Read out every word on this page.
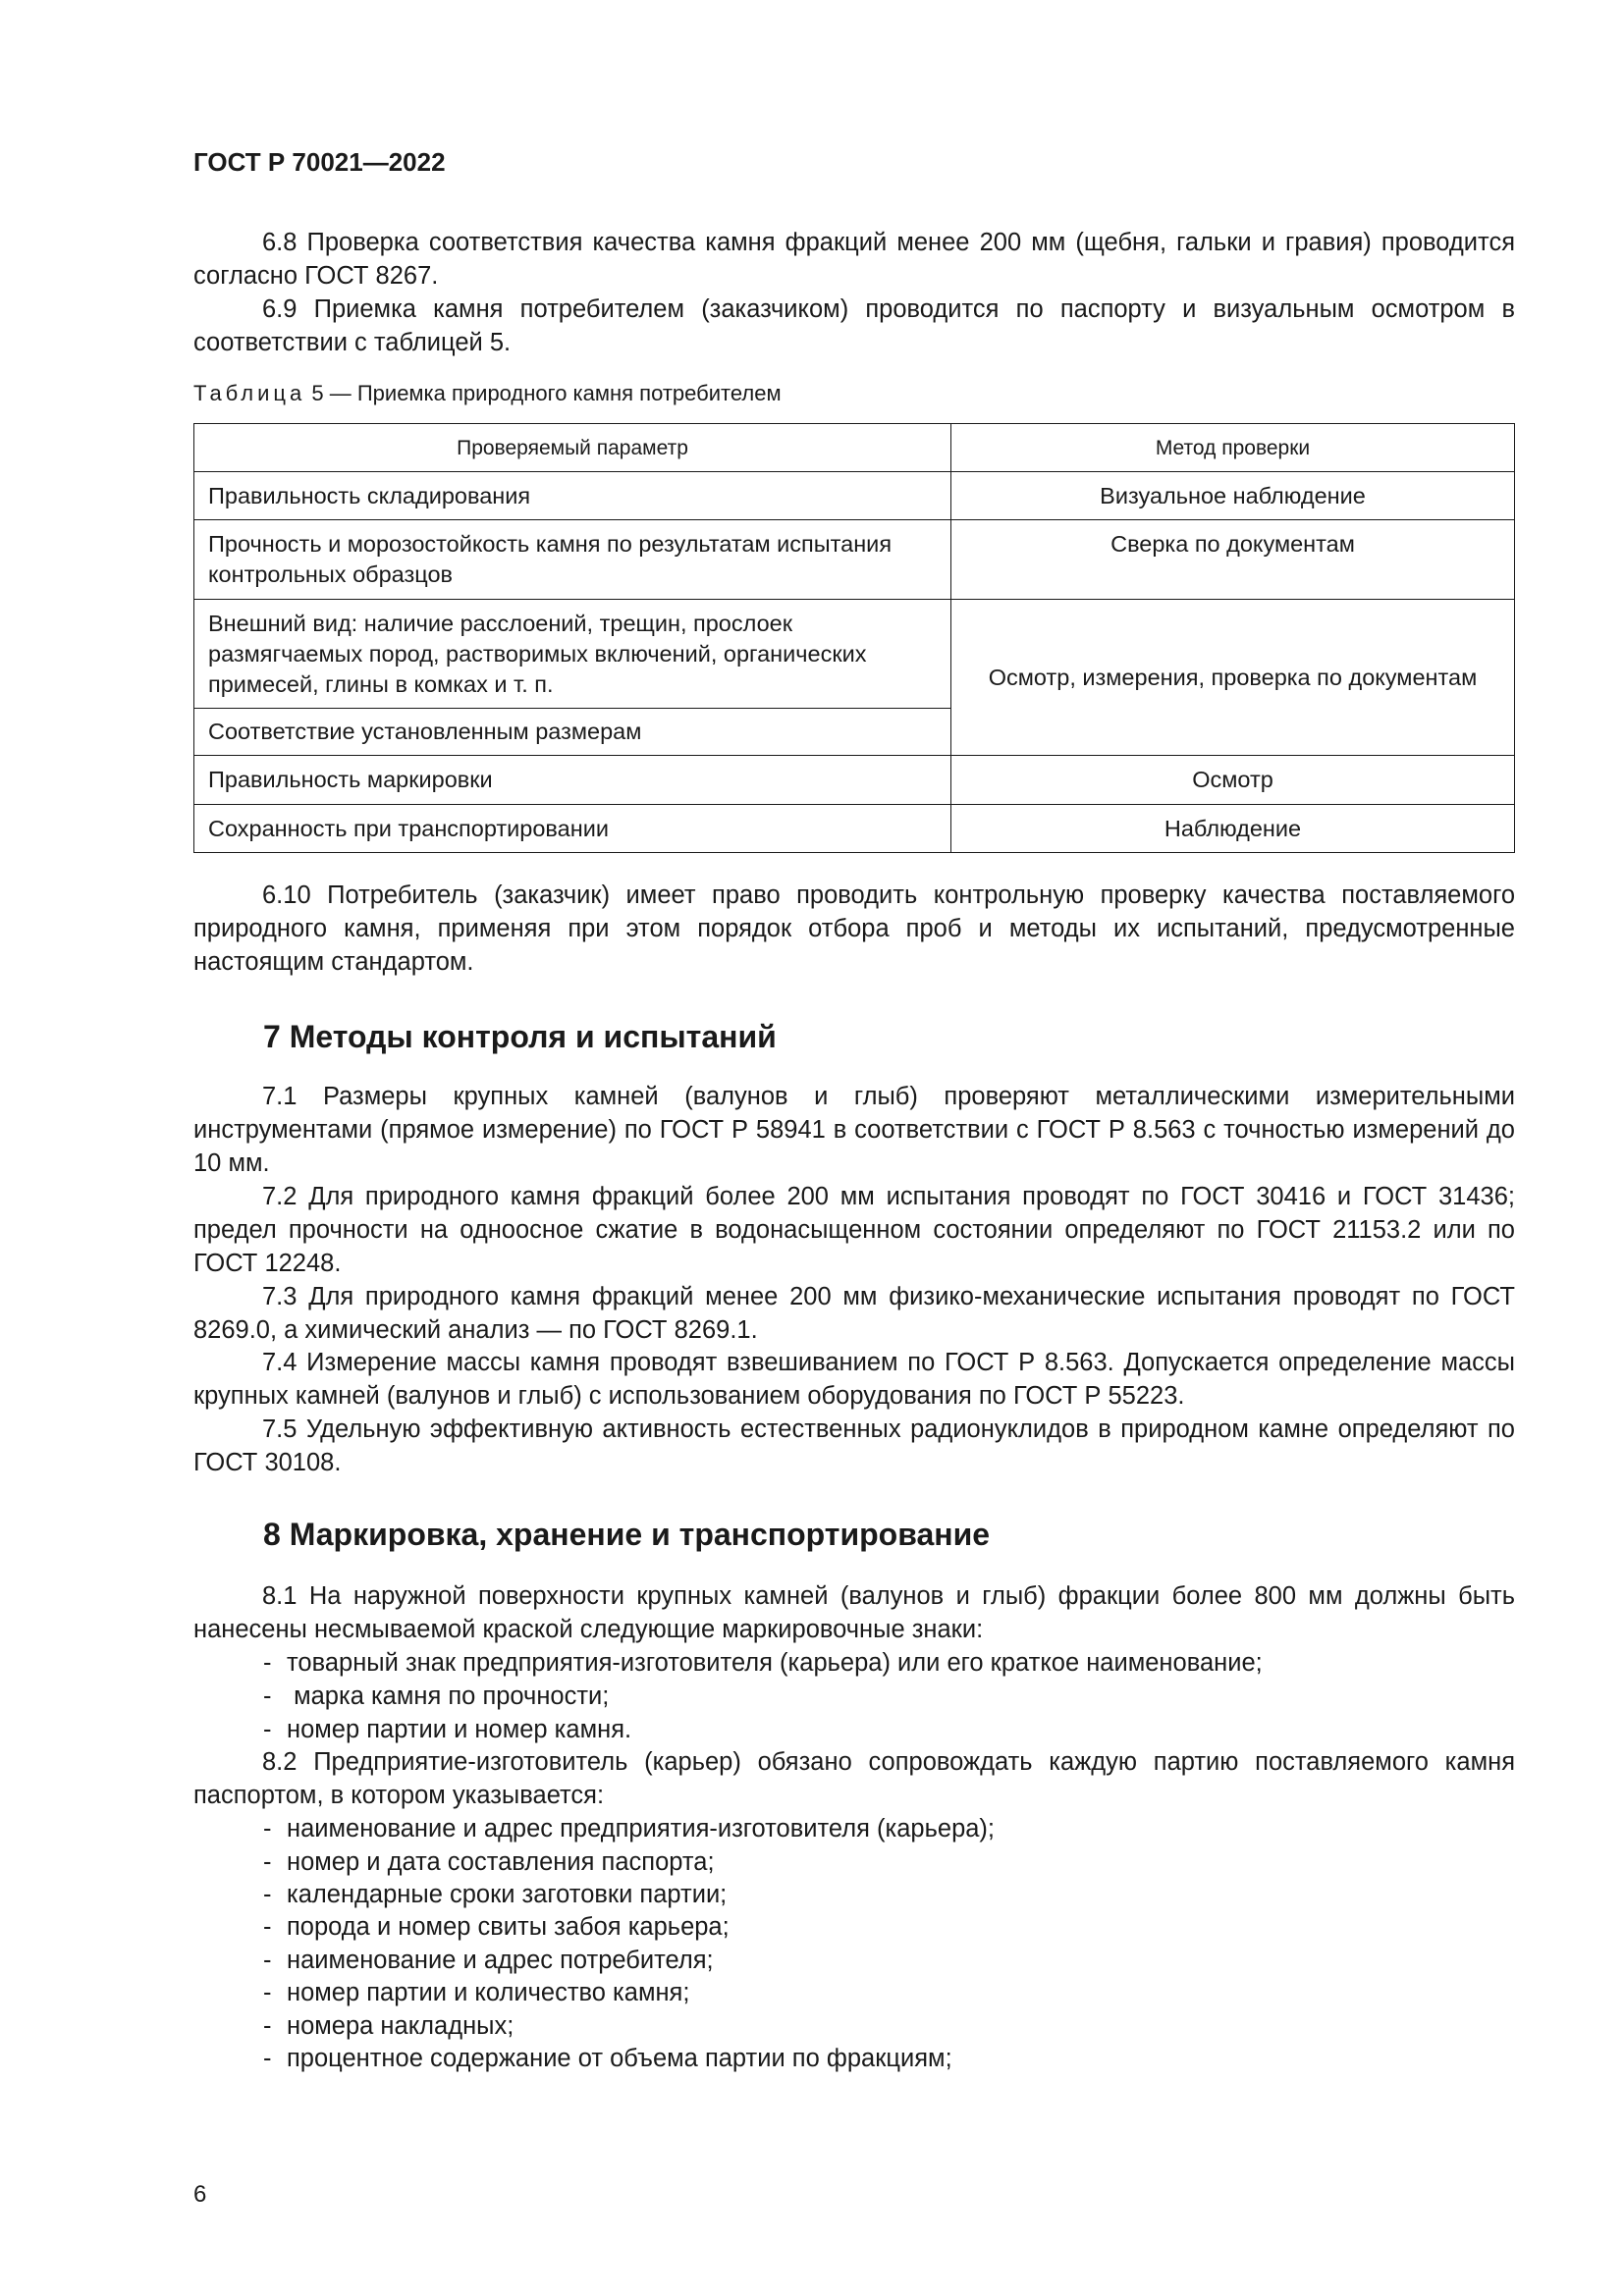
ГОСТ Р 70021—2022

6.8 Проверка соответствия качества камня фракций менее 200 мм (щебня, гальки и гравия) проводится согласно ГОСТ 8267.

6.9 Приемка камня потребителем (заказчиком) проводится по паспорту и визуальным осмотром в соответствии с таблицей 5.

Таблица 5 — Приемка природного камня потребителем
Проверяемый параметр	Метод проверки
Правильность складирования	Визуальное наблюдение
Прочность и морозостойкость камня по результатам испытания контрольных образцов	Сверка по документам
Внешний вид: наличие расслоений, трещин, прослоек размягчаемых пород, растворимых включений, органических примесей, глины в комках и т. п.	Осмотр, измерения, проверка по документам
Соответствие установленным размерам	
Правильность маркировки	Осмотр
Сохранность при транспортировании	Наблюдение

6.10 Потребитель (заказчик) имеет право проводить контрольную проверку качества поставляемого природного камня, применяя при этом порядок отбора проб и методы их испытаний, предусмотренные настоящим стандартом.

7 Методы контроля и испытаний

7.1 Размеры крупных камней (валунов и глыб) проверяют металлическими измерительными инструментами (прямое измерение) по ГОСТ Р 58941 в соответствии с ГОСТ Р 8.563 с точностью измерений до 10 мм.

7.2 Для природного камня фракций более 200 мм испытания проводят по ГОСТ 30416 и ГОСТ 31436; предел прочности на одноосное сжатие в водонасыщенном состоянии определяют по ГОСТ 21153.2 или по ГОСТ 12248.

7.3 Для природного камня фракций менее 200 мм физико-механические испытания проводят по ГОСТ 8269.0, а химический анализ — по ГОСТ 8269.1.

7.4 Измерение массы камня проводят взвешиванием по ГОСТ Р 8.563. Допускается определение массы крупных камней (валунов и глыб) с использованием оборудования по ГОСТ Р 55223.

7.5 Удельную эффективную активность естественных радионуклидов в природном камне определяют по ГОСТ 30108.

8 Маркировка, хранение и транспортирование

8.1 На наружной поверхности крупных камней (валунов и глыб) фракции более 800 мм должны быть нанесены несмываемой краской следующие маркировочные знаки:

- товарный знак предприятия-изготовителя (карьера) или его краткое наименование;
- марка камня по прочности;
- номер партии и номер камня.

8.2 Предприятие-изготовитель (карьер) обязано сопровождать каждую партию поставляемого камня паспортом, в котором указывается:

- наименование и адрес предприятия-изготовителя (карьера);
- номер и дата составления паспорта;
- календарные сроки заготовки партии;
- порода и номер свиты забоя карьера;
- наименование и адрес потребителя;
- номер партии и количество камня;
- номера накладных;
- процентное содержание от объема партии по фракциям;
6
